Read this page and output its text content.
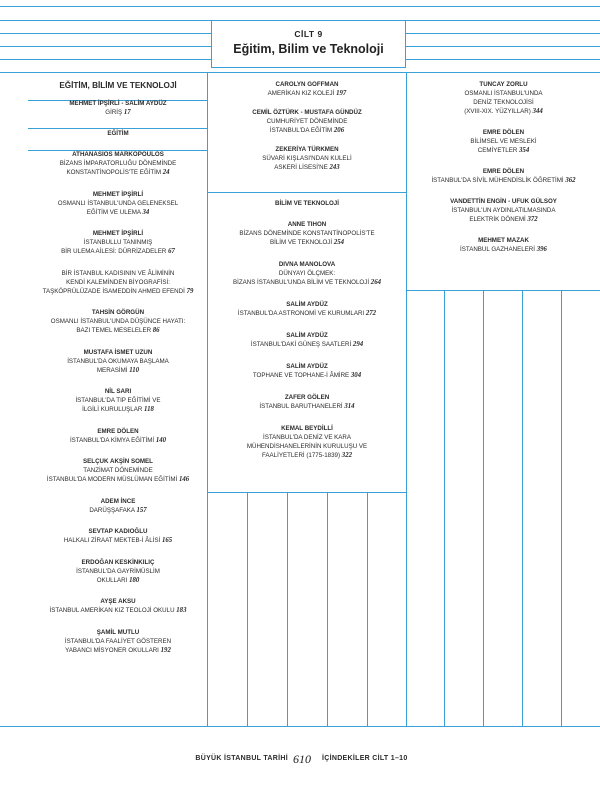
CİLT 9
Eğitim, Bilim ve Teknoloji
EĞİTİM, BİLİM VE TEKNOLOJİ
MEHMET İPŞİRLİ - SALİM AYDÜZ
GİRİŞ 17
EĞİTİM
ATHANASIOS MARKOPOULOS
BİZANS İMPARATORLUĞU DÖNEMİNDE
KONSTANTİNOPOLİS'TE EĞİTİM 24
MEHMET İPŞİRLİ
OSMANLI İSTANBUL'UNDA GELENEKSEL
EĞİTİM VE ULEMA 34
MEHMET İPŞİRLİ
İSTANBULLU TANINMIŞ
BİR ULEMA AİLESİ: DÜRRİZADELER 67
BİR İSTANBUL KADISININ VE ÂLİMİNİN
KENDİ KALEMİNDEN BİYOGRAFİSİ:
TAŞKÖPRÜLÜZADE İSAMEDDİN AHMED EFENDİ 79
TAHSİN GÖRGÜN
OSMANLI İSTANBUL'UNDA DÜŞÜNCE HAYATI:
BAZI TEMEL MESELELER 86
MUSTAFA İSMET UZUN
İSTANBUL'DA OKUMAYA BAŞLAMA
MERASİMİ 110
NİL SARI
İSTANBUL'DA TIP EĞİTİMİ VE
İLGİLİ KURULUŞLAR 118
EMRE DÖLEN
İSTANBUL'DA KİMYA EĞİTİMİ 140
SELÇUK AKŞİN SOMEL
TANZİMAT DÖNEMİNDE
İSTANBUL'DA MODERN MÜSLÜMAN EĞİTİMİ 146
ADEM İNCE
DARÜŞŞAFAKA 157
SEVTAP KADIOĞLU
HALKALI ZİRAAT MEKTEB-İ ÂLİSİ 165
ERDOĞAN KESKİNKILIÇ
İSTANBUL'DA GAYRİMÜSLİM
OKULLARI 180
AYŞE AKSU
İSTANBUL AMERİKAN KIZ TEOLOJİ OKULU 183
ŞAMİL MUTLU
İSTANBUL'DA FAALİYET GÖSTEREN
YABANCI MİSYONER OKULLARI 192
CAROLYN GOFFMAN
AMERİKAN KIZ KOLEJİ 197
CEMİL ÖZTÜRK - MUSTAFA GÜNDÜZ
CUMHURİYET DÖNEMİNDE
İSTANBUL'DA EĞİTİM 206
ZEKERİYA TÜRKMEN
SÜVARİ KIŞLASI'NDAN KULELİ
ASKERİ LİSESİ'NE 243
BİLİM VE TEKNOLOJİ
ANNE TIHON
BİZANS DÖNEMİNDE KONSTANTİNOPOLİS'TE
BİLİM VE TEKNOLOJİ 254
DIVNA MANOLOVA
DÜNYAYI ÖLÇMEK:
BİZANS İSTANBUL'UNDA BİLİM VE TEKNOLOJİ 264
SALİM AYDÜZ
İSTANBUL'DA ASTRONOMİ VE KURUMLARI 272
SALİM AYDÜZ
İSTANBUL'DAKİ GÜNEŞ SAATLERİ 294
SALİM AYDÜZ
TOPHANE VE TOPHANE-İ ÂMİRE 304
ZAFER GÖLEN
İSTANBUL BARUTHANELERİ 314
KEMAL BEYDİLLİ
İSTANBUL'DA DENİZ VE KARA
MÜHENDİSHANELERİNİN KURULUŞU VE
FAALİYETLERİ (1775-1839) 322
TUNCAY ZORLU
OSMANLI İSTANBUL'UNDA
DENİZ TEKNOLOJİSİ
(XVIII-XIX. YÜZYILLAR) 344
EMRE DÖLEN
BİLİMSEL VE MESLEKİ
CEMİYETLER 354
EMRE DÖLEN
İSTANBUL'DA SİVİL MÜHENDİSLİK ÖĞRETİMİ 362
VANDETTİN ENGİN - UFUK GÜLSOY
İSTANBUL'UN AYDINLATILMASINDA
ELEKTRİK DÖNEMİ 372
MEHMET MAZAK
İSTANBUL GAZHANELERİ 396
BÜYÜK İSTANBUL TARİHİ 610 İÇİNDEKİLER CİLT 1–10
